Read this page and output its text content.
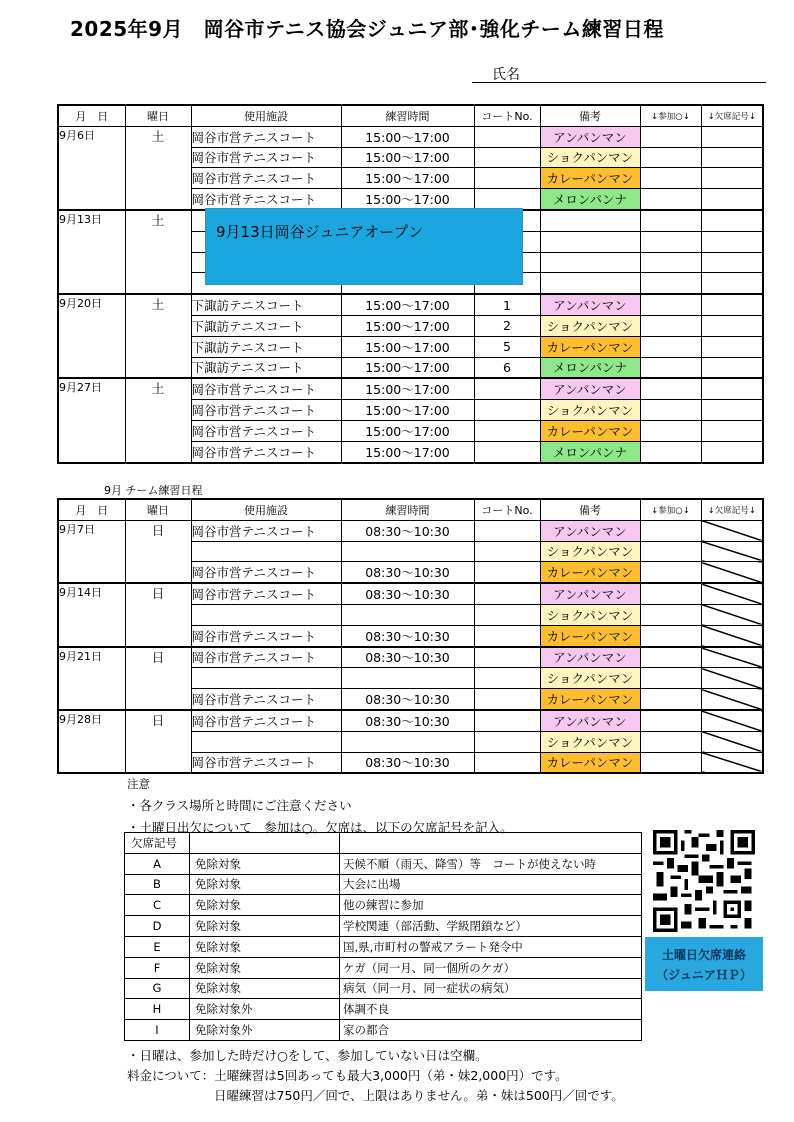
2025年9月　岡谷市テニス協会ジュニア部･強化チーム練習日程
氏名
月　日	曜日	使用施設	練習時間	コートNo.	備考	↓参加○↓	↓欠席記号↓
9月6日	土	岡谷市営テニスコート	15:00～17:00		アンパンマン		
		岡谷市営テニスコート	15:00～17:00		ショクパンマン		
		岡谷市営テニスコート	15:00～17:00		カレーパンマン		
		岡谷市営テニスコート	15:00～17:00		メロンパンナ		
9月13日	土						

9月20日	土	下諏訪テニスコート	15:00～17:00	1	アンパンマン		
		下諏訪テニスコート	15:00～17:00	2	ショクパンマン		
		下諏訪テニスコート	15:00～17:00	5	カレーパンマン		
		下諏訪テニスコート	15:00～17:00	6	メロンパンナ		
9月27日	土	岡谷市営テニスコート	15:00～17:00		アンパンマン		
		岡谷市営テニスコート	15:00～17:00		ショクパンマン		
		岡谷市営テニスコート	15:00～17:00		カレーパンマン		
		岡谷市営テニスコート	15:00～17:00		メロンパンナ		
9月13日岡谷ジュニアオープン
9月 チーム練習日程
月　日	曜日	使用施設	練習時間	コートNo.	備考	↓参加○↓	↓欠席記号↓
9月7日	日	岡谷市営テニスコート	08:30～10:30		アンパンマン		
					ショクパンマン		
		岡谷市営テニスコート	08:30～10:30		カレーパンマン		
9月14日	日	岡谷市営テニスコート	08:30～10:30		アンパンマン		
					ショクパンマン		
		岡谷市営テニスコート	08:30～10:30		カレーパンマン		
9月21日	日	岡谷市営テニスコート	08:30～10:30		アンパンマン		
					ショクパンマン		
		岡谷市営テニスコート	08:30～10:30		カレーパンマン		
9月28日	日	岡谷市営テニスコート	08:30～10:30		アンパンマン		
					ショクパンマン		
		岡谷市営テニスコート	08:30～10:30		カレーパンマン		
注意
・各クラス場所と時間にご注意ください
・土曜日出欠について　参加は○。欠席は、以下の欠席記号を記入。
欠席記号		
A	免除対象	天候不順（雨天、降雪）等　コートが使えない時
B	免除対象	大会に出場
C	免除対象	他の練習に参加
D	免除対象	学校関連（部活動、学級閉鎖など）
E	免除対象	国,県,市町村の警戒アラート発令中
F	免除対象	ケガ（同一月、同一個所のケガ）
G	免除対象	病気（同一月、同一症状の病気）
H	免除対象外	体調不良
I	免除対象外	家の都合
・日曜は、参加した時だけ○をして、参加していない日は空欄。
料金について：土曜練習は5回あっても最大3,000円（弟・妹2,000円）です。
日曜練習は750円／回で、上限はありません。弟・妹は500円／回です。
土曜日欠席連絡
（ジュニアＨＰ）
